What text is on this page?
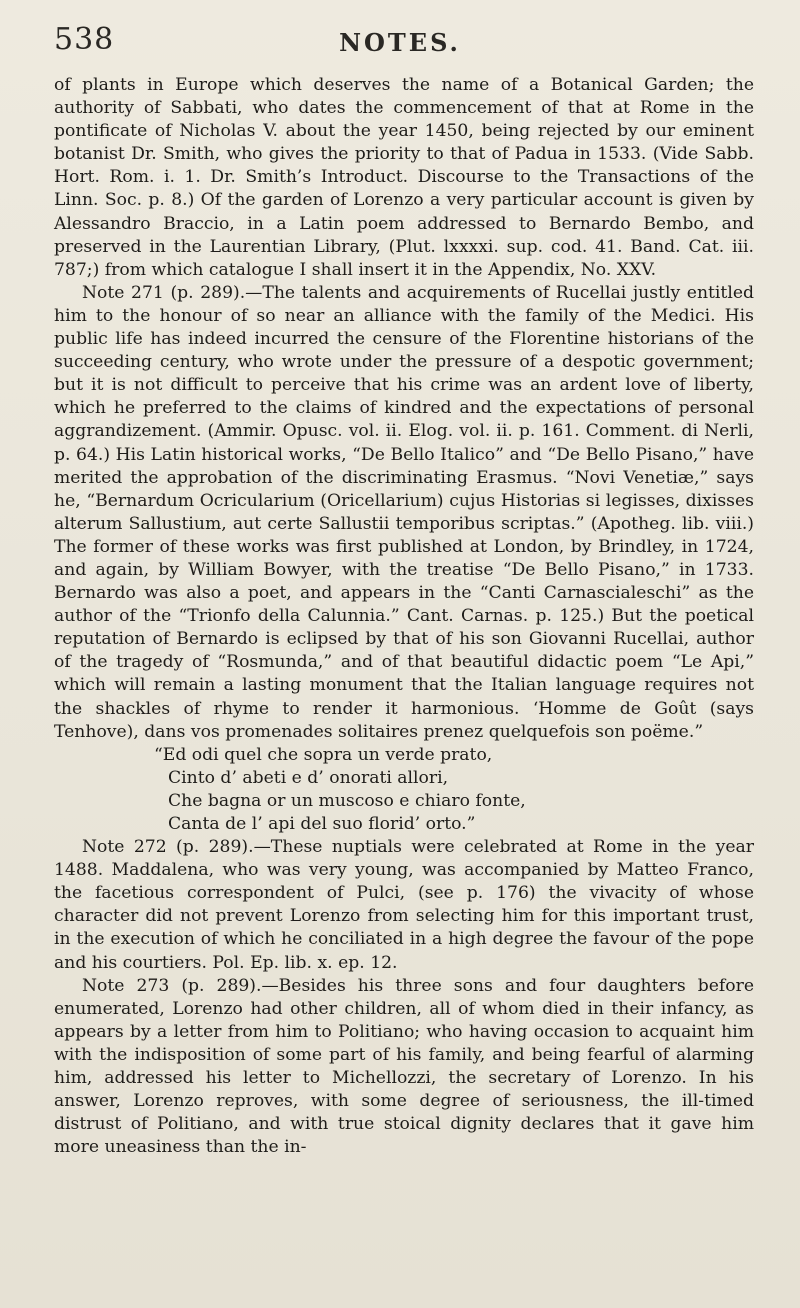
538	NOTES.

of plants in Europe which deserves the name of a Botanical Garden; the authority of Sabbati, who dates the commencement of that at Rome in the pontificate of Nicholas V. about the year 1450, being rejected by our eminent botanist Dr. Smith, who gives the priority to that of Padua in 1533. (Vide Sabb. Hort. Rom. i. 1. Dr. Smith’s Introduct. Discourse to the Transactions of the Linn. Soc. p. 8.) Of the garden of Lorenzo a very particular account is given by Alessandro Braccio, in a Latin poem addressed to Bernardo Bembo, and preserved in the Laurentian Library, (Plut. lxxxxi. sup. cod. 41. Band. Cat. iii. 787;) from which catalogue I shall insert it in the Appendix, No. XXV.

Note 271 (p. 289).—The talents and acquirements of Rucellai justly entitled him to the honour of so near an alliance with the family of the Medici. His public life has indeed incurred the censure of the Florentine historians of the succeeding century, who wrote under the pressure of a despotic government; but it is not difficult to perceive that his crime was an ardent love of liberty, which he preferred to the claims of kindred and the expectations of personal aggrandizement. (Ammir. Opusc. vol. ii. Elog. vol. ii. p. 161. Comment. di Nerli, p. 64.) His Latin historical works, “De Bello Italico” and “De Bello Pisano,” have merited the approbation of the discriminating Erasmus. “Novi Venetiæ,” says he, “Bernardum Ocricularium (Oricellarium) cujus Historias si legisses, dixisses alterum Sallustium, aut certe Sallustii temporibus scriptas.” (Apotheg. lib. viii.) The former of these works was first published at London, by Brindley, in 1724, and again, by William Bowyer, with the treatise “De Bello Pisano,” in 1733. Bernardo was also a poet, and appears in the “Canti Carnascialeschi” as the author of the “Trionfo della Calunnia.” Cant. Carnas. p. 125.) But the poetical reputation of Bernardo is eclipsed by that of his son Giovanni Rucellai, author of the tragedy of “Rosmunda,” and of that beautiful didactic poem “Le Api,” which will remain a lasting monument that the Italian language requires not the shackles of rhyme to render it harmonious. ‘Homme de Goût (says Tenhove), dans vos promenades solitaires prenez quelquefois son poëme.”

“Ed odi quel che sopra un verde prato,
Cinto d’ abeti e d’ onorati allori,
Che bagna or un muscoso e chiaro fonte,
Canta de l’ api del suo florid’ orto.”

Note 272 (p. 289).—These nuptials were celebrated at Rome in the year 1488. Maddalena, who was very young, was accompanied by Matteo Franco, the facetious correspondent of Pulci, (see p. 176) the vivacity of whose character did not prevent Lorenzo from selecting him for this important trust, in the execution of which he conciliated in a high degree the favour of the pope and his courtiers. Pol. Ep. lib. x. ep. 12.

Note 273 (p. 289).—Besides his three sons and four daughters before enumerated, Lorenzo had other children, all of whom died in their infancy, as appears by a letter from him to Politiano; who having occasion to acquaint him with the indisposition of some part of his family, and being fearful of alarming him, addressed his letter to Michellozzi, the secretary of Lorenzo. In his answer, Lorenzo reproves, with some degree of seriousness, the ill-timed distrust of Politiano, and with true stoical dignity declares that it gave him more uneasiness than the in-
